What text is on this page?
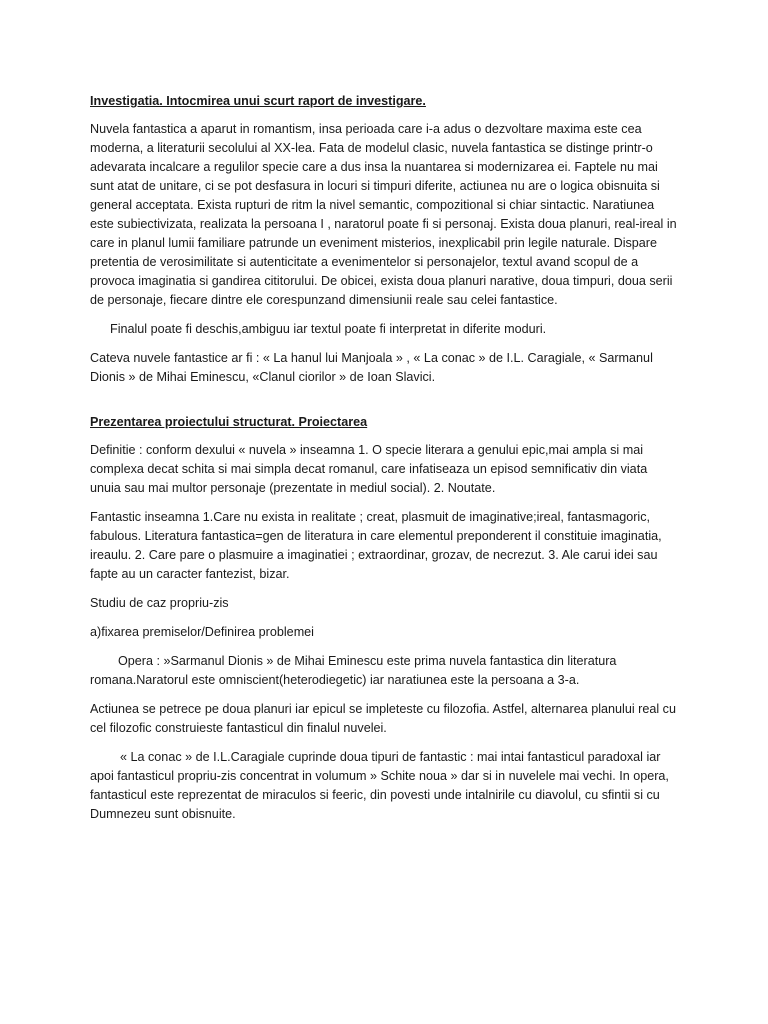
Investigatia. Intocmirea unui scurt raport de investigare.

Nuvela fantastica a aparut in romantism, insa perioada care i-a adus o dezvoltare maxima este cea moderna, a literaturii secolului al XX-lea. Fata de modelul clasic, nuvela fantastica se distinge printr-o adevarata incalcare a regulilor specie care a dus insa la nuantarea si modernizarea ei. Faptele nu mai sunt atat de unitare, ci se pot desfasura in locuri si timpuri diferite, actiunea nu are o logica obisnuita si general acceptata. Exista rupturi de ritm la nivel semantic, compozitional si chiar sintactic. Naratiunea este subiectivizata, realizata la persoana I , naratorul poate fi si personaj. Exista doua planuri, real-ireal in care in planul lumii familiare patrunde un eveniment misterios, inexplicabil prin legile naturale. Dispare pretentia de verosimilitate si autenticitate a evenimentelor si personajelor, textul avand scopul de a provoca imaginatia si gandirea cititorului. De obicei, exista doua planuri narative, doua timpuri, doua serii de personaje, fiecare dintre ele corespunzand dimensiunii reale sau celei fantastice.

Finalul poate fi deschis,ambiguu iar textul poate fi interpretat in diferite moduri.

Cateva nuvele fantastice ar fi : « La hanul lui Manjoala » , « La conac » de I.L. Caragiale, « Sarmanul Dionis » de Mihai Eminescu, «Clanul ciorilor » de Ioan Slavici.

Prezentarea proiectului structurat. Proiectarea

Definitie : conform dexului « nuvela » inseamna 1. O specie literara a genului epic,mai ampla si mai complexa decat schita si mai simpla decat romanul, care infatiseaza un episod semnificativ din viata unuia sau mai multor personaje (prezentate in mediul social). 2. Noutate.

Fantastic inseamna 1.Care nu exista in realitate ; creat, plasmuit de imaginative;ireal, fantasmagoric, fabulous. Literatura fantastica=gen de literatura in care elementul preponderent il constituie imaginatia, ireaulu. 2. Care pare o plasmuire a imaginatiei ; extraordinar, grozav, de necrezut. 3. Ale carui idei sau fapte au un caracter fantezist, bizar.

Studiu de caz propriu-zis

a)fixarea premiselor/Definirea problemei

Opera : »Sarmanul Dionis » de Mihai Eminescu este prima nuvela fantastica din literatura romana.Naratorul este omniscient(heterodiegetic) iar naratiunea este la persoana a 3-a.

Actiunea se petrece pe doua planuri iar epicul se impleteste cu filozofia. Astfel, alternarea planului real cu cel filozofic construieste fantasticul din finalul nuvelei.

« La conac » de I.L.Caragiale cuprinde doua tipuri de fantastic : mai intai fantasticul paradoxal iar apoi fantasticul propriu-zis concentrat in volumum » Schite noua » dar si in nuvelele mai vechi. In opera, fantasticul este reprezentat de miraculos si feeric, din povesti unde intalnirile cu diavolul, cu sfintii si cu Dumnezeu sunt obisnuite.
